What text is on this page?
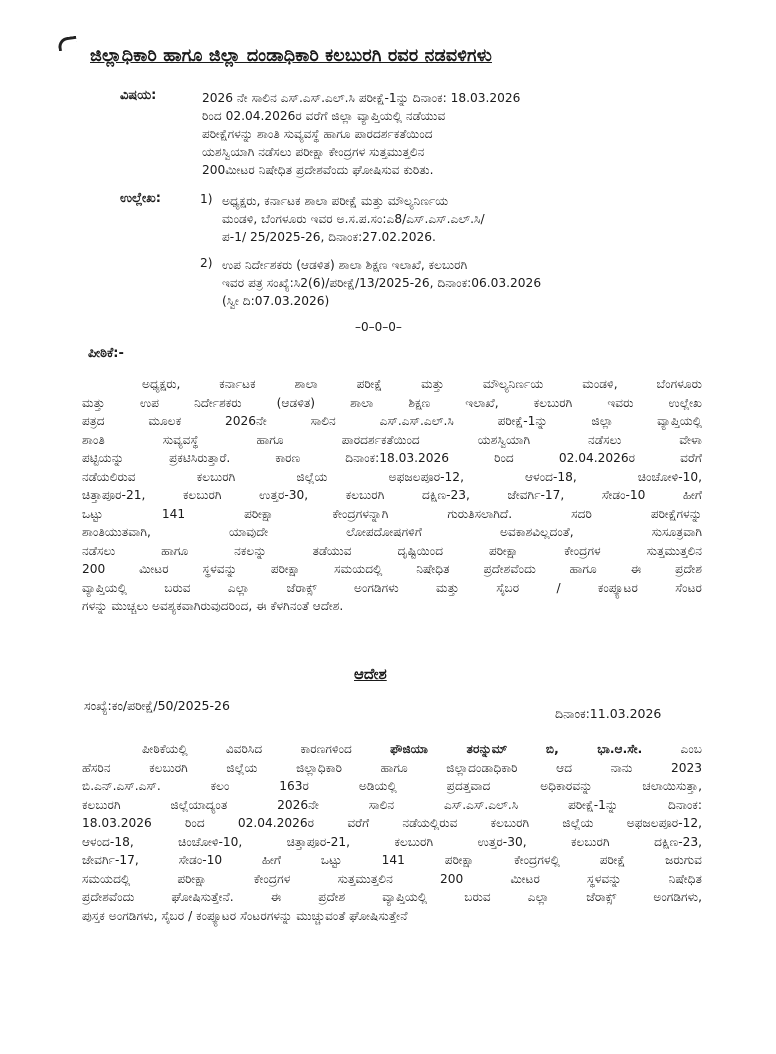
ಜಿಲ್ಲಾಧಿಕಾರಿ ಹಾಗೂ ಜಿಲ್ಲಾ ದಂಡಾಧಿಕಾರಿ ಕಲಬುರಗಿ ರವರ ನಡವಳಿಗಳು
ವಿಷಯ:	2026 ನೇ ಸಾಲಿನ ಎಸ್.ಎಸ್.ಎಲ್.ಸಿ ಪರೀಕ್ಷೆ-1ನ್ನು ದಿನಾಂಕ: 18.03.2026
ರಿಂದ 02.04.2026ರ ವರೆಗೆ ಜಿಲ್ಲಾ ವ್ಯಾಪ್ತಿಯಲ್ಲಿ ನಡೆಯುವ
ಪರೀಕ್ಷೆಗಳನ್ನು ಶಾಂತಿ ಸುವ್ಯವಸ್ಥೆ ಹಾಗೂ ಪಾರದರ್ಶಕತೆಯಿಂದ
ಯಶಸ್ವಿಯಾಗಿ ನಡೆಸಲು ಪರೀಕ್ಷಾ ಕೇಂದ್ರಗಳ ಸುತ್ತಮುತ್ತಲಿನ
200ಮೀಟರ ನಿಷೇಧಿತ ಪ್ರದೇಶವೆಂದು ಘೋಷಿಸುವ ಕುರಿತು.
ಉಲ್ಲೇಖ:	1) ಅಧ್ಯಕ್ಷರು, ಕರ್ನಾಟಕ ಶಾಲಾ ಪರೀಕ್ಷೆ ಮತ್ತು ಮೌಲ್ಯನಿರ್ಣಯ
ಮಂಡಳಿ, ಬೆಂಗಳೂರು ಇವರ ಅ.ಸ.ಪ.ಸಂ:ಎ8/ಎಸ್.ಎಸ್.ಎಲ್.ಸಿ/
ಪ-1/ 25/2025-26, ದಿನಾಂಕ:27.02.2026.
2) ಉಪ ನಿರ್ದೇಶಕರು (ಆಡಳಿತ) ಶಾಲಾ ಶಿಕ್ಷಣ ಇಲಾಖೆ, ಕಲಬುರಗಿ
ಇವರ ಪತ್ರ ಸಂಖ್ಯೆ:ಸಿ2(6)/ಪರೀಕ್ಷೆ/13/2025-26, ದಿನಾಂಕ:06.03.2026
(ಸ್ವೀ ದಿ:07.03.2026)
–0–0–0–
ಪೀಠಿಕೆ:-
ಅಧ್ಯಕ್ಷರು, ಕರ್ನಾಟಕ ಶಾಲಾ ಪರೀಕ್ಷೆ ಮತ್ತು ಮೌಲ್ಯನಿರ್ಣಯ ಮಂಡಳಿ, ಬೆಂಗಳೂರು
ಮತ್ತು ಉಪ ನಿರ್ದೇಶಕರು (ಆಡಳಿತ) ಶಾಲಾ ಶಿಕ್ಷಣ ಇಲಾಖೆ, ಕಲಬುರಗಿ ಇವರು ಉಲ್ಲೇಖ
ಪತ್ರದ ಮೂಲಕ 2026ನೇ ಸಾಲಿನ ಎಸ್.ಎಸ್.ಎಲ್.ಸಿ ಪರೀಕ್ಷೆ-1ನ್ನು ಜಿಲ್ಲಾ ವ್ಯಾಪ್ತಿಯಲ್ಲಿ
ಶಾಂತಿ ಸುವ್ಯವಸ್ಥೆ ಹಾಗೂ ಪಾರದರ್ಶಕತೆಯಿಂದ ಯಶಸ್ವಿಯಾಗಿ ನಡೆಸಲು ವೇಳಾ
ಪಟ್ಟಿಯನ್ನು ಪ್ರಕಟಿಸಿರುತ್ತಾರೆ. ಕಾರಣ ದಿನಾಂಕ:18.03.2026 ರಿಂದ 02.04.2026ರ ವರೆಗೆ
ನಡೆಯಲಿರುವ ಕಲಬುರಗಿ ಜಿಲ್ಲೆಯ ಅಫಜಲಪೂರ-12, ಆಳಂದ-18, ಚಿಂಚೋಳಿ-10,
ಚಿತ್ತಾಪೂರ-21, ಕಲಬುರಗಿ ಉತ್ತರ-30, ಕಲಬುರಗಿ ದಕ್ಷಿಣ-23, ಜೇವರ್ಗಿ-17, ಸೇಡಂ-10 ಹೀಗೆ
ಒಟ್ಟು 141 ಪರೀಕ್ಷಾ ಕೇಂದ್ರಗಳನ್ನಾಗಿ ಗುರುತಿಸಲಾಗಿದೆ. ಸದರಿ ಪರೀಕ್ಷೆಗಳನ್ನು
ಶಾಂತಿಯುತವಾಗಿ, ಯಾವುದೇ ಲೋಪದೋಷಗಳಿಗೆ ಅವಕಾಶವಿಲ್ಲದಂತೆ, ಸುಸೂತ್ರವಾಗಿ
ನಡೆಸಲು ಹಾಗೂ ನಕಲನ್ನು ತಡೆಯುವ ದೃಷ್ಟಿಯಿಂದ ಪರೀಕ್ಷಾ ಕೇಂದ್ರಗಳ ಸುತ್ತಮುತ್ತಲಿನ
200 ಮೀಟರ ಸ್ಥಳವನ್ನು ಪರೀಕ್ಷಾ ಸಮಯದಲ್ಲಿ ನಿಷೇಧಿತ ಪ್ರದೇಶವೆಂದು ಹಾಗೂ ಈ ಪ್ರದೇಶ
ವ್ಯಾಪ್ತಿಯಲ್ಲಿ ಬರುವ ಎಲ್ಲಾ ಜೆರಾಕ್ಸ್ ಅಂಗಡಿಗಳು ಮತ್ತು ಸೈಬರ / ಕಂಪ್ಯೂಟರ ಸೆಂಟರ
ಗಳನ್ನು ಮುಚ್ಚಲು ಅವಶ್ಯಕವಾಗಿರುವುದರಿಂದ, ಈ ಕೆಳಗಿನಂತೆ ಆದೇಶ.
ಆದೇಶ
ಸಂಖ್ಯೆ:ಕಂ/ಪರೀಕ್ಷೆ/50/2025-26
ದಿನಾಂಕ:11.03.2026
ಪೀಠಿಕೆಯಲ್ಲಿ ವಿವರಿಸಿದ ಕಾರಣಗಳಿಂದ ಫೌಜಿಯಾ ತರನ್ನುಮ್ ಬಿ, ಭಾ.ಆ.ಸೇ. ಎಂಬ
ಹೆಸರಿನ ಕಲಬುರಗಿ ಜಿಲ್ಲೆಯ ಜಿಲ್ಲಾಧಿಕಾರಿ ಹಾಗೂ ಜಿಲ್ಲಾದಂಡಾಧಿಕಾರಿ ಆದ ನಾನು 2023
ಬಿ.ಎನ್.ಎಸ್.ಎಸ್. ಕಲಂ 163ರ ಅಡಿಯಲ್ಲಿ ಪ್ರದತ್ತವಾದ ಅಧಿಕಾರವನ್ನು ಚಲಾಯಿಸುತ್ತಾ,
ಕಲಬುರಗಿ ಜಿಲ್ಲೆಯಾದ್ಯಂತ 2026ನೇ ಸಾಲಿನ ಎಸ್.ಎಸ್.ಎಲ್.ಸಿ ಪರೀಕ್ಷೆ-1ನ್ನು ದಿನಾಂಕ:
18.03.2026 ರಿಂದ 02.04.2026ರ ವರೆಗೆ ನಡೆಯಲ್ಲಿರುವ ಕಲಬುರಗಿ ಜಿಲ್ಲೆಯ ಅಫಜಲಪೂರ-12,
ಆಳಂದ-18, ಚಿಂಚೋಳಿ-10, ಚಿತ್ತಾಪೂರ-21, ಕಲಬುರಗಿ ಉತ್ತರ-30, ಕಲಬುರಗಿ ದಕ್ಷಿಣ-23,
ಜೇವರ್ಗಿ-17, ಸೇಡಂ-10 ಹೀಗೆ ಒಟ್ಟು 141 ಪರೀಕ್ಷಾ ಕೇಂದ್ರಗಳಲ್ಲಿ ಪರೀಕ್ಷೆ ಜರುಗುವ
ಸಮಯದಲ್ಲಿ ಪರೀಕ್ಷಾ ಕೇಂದ್ರಗಳ ಸುತ್ತಮುತ್ತಲಿನ 200 ಮೀಟರ ಸ್ಥಳವನ್ನು ನಿಷೇಧಿತ
ಪ್ರದೇಶವೆಂದು ಘೋಷಿಸುತ್ತೇನೆ. ಈ ಪ್ರದೇಶ ವ್ಯಾಪ್ತಿಯಲ್ಲಿ ಬರುವ ಎಲ್ಲಾ ಜೆರಾಕ್ಸ್ ಅಂಗಡಿಗಳು,
ಪುಸ್ತಕ ಅಂಗಡಿಗಳು, ಸೈಬರ / ಕಂಪ್ಯೂಟರ ಸೆಂಟರಗಳನ್ನು ಮುಚ್ಚುವಂತೆ ಘೋಷಿಸುತ್ತೇನೆ
